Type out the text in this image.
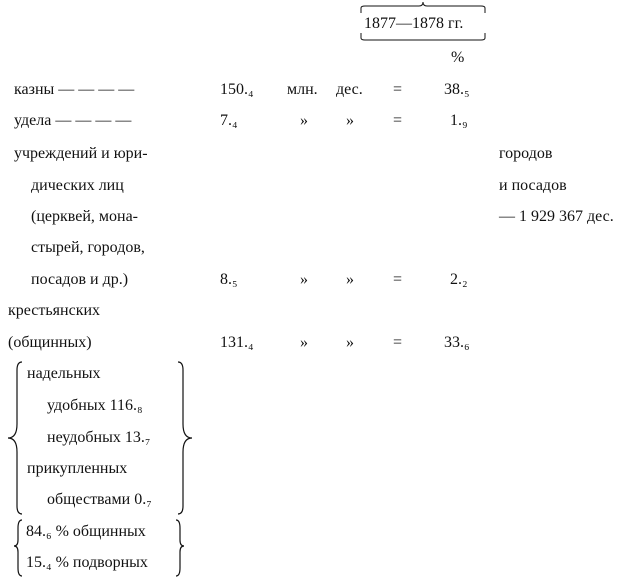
1877—1878 гг.
%
казны — — — —	150.₄ млн. дес. =	38.₅
удела — — — —	7.₄	» » =	1.₉
учреждений и юри-
дических лиц
(церквей, мона-
стырей, городов,
посадов и др.)	8.₅	» » =	2.₂
городов
и посадов
— 1 929 367 дес.
крестьянских
(общинных)	131.₄	» » =	33.₆
надельных
удобных 116.₈
неудобных 13.₇
прикупленных
обществами 0.₇
84.₆ % общинных
15.₄ % подворных
